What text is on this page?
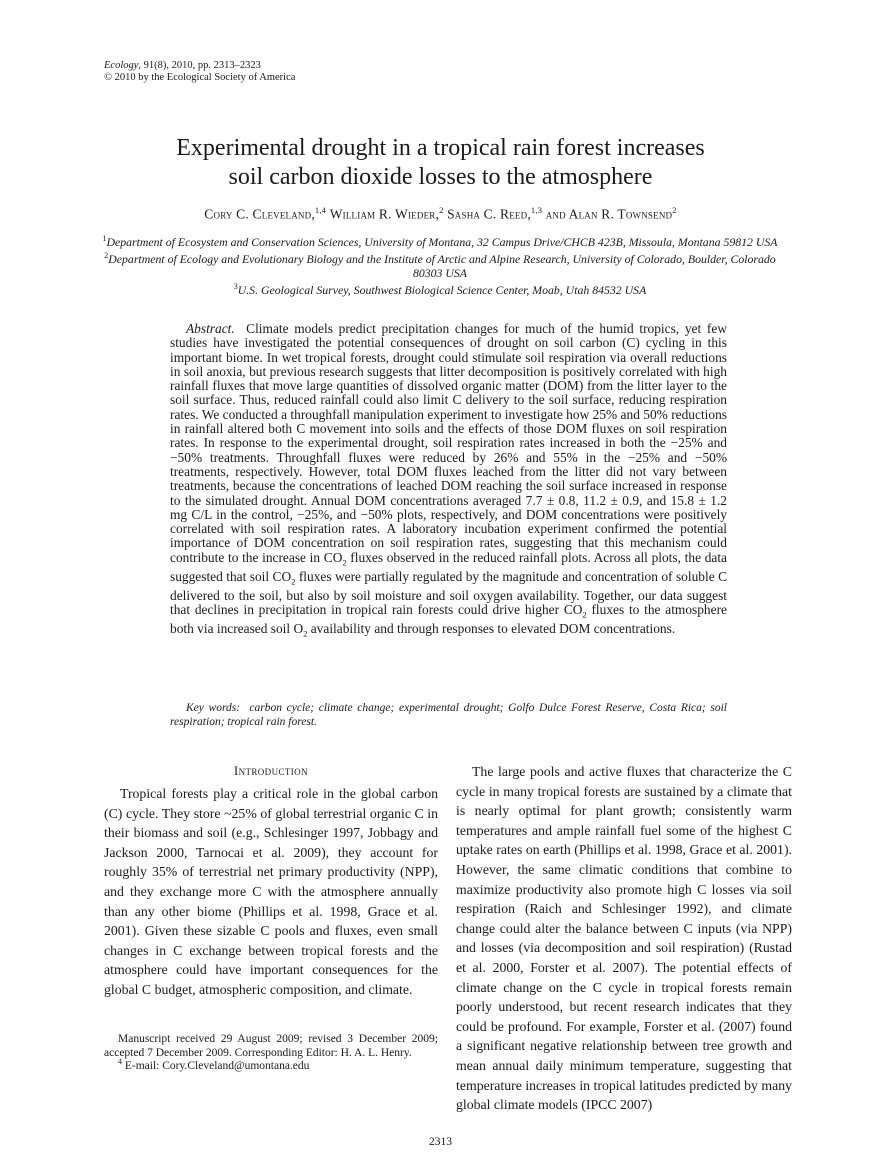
Ecology, 91(8), 2010, pp. 2313–2323
© 2010 by the Ecological Society of America
Experimental drought in a tropical rain forest increases
soil carbon dioxide losses to the atmosphere
Cory C. Cleveland,$^{1,4}$ William R. Wieder,$^2$ Sasha C. Reed,$^{1,3}$ and Alan R. Townsend$^2$

$^1$Department of Ecosystem and Conservation Sciences, University of Montana, 32 Campus Drive/CHCB 423B, Missoula, Montana 59812 USA

$^2$Department of Ecology and Evolutionary Biology and the Institute of Arctic and Alpine Research, University of Colorado, Boulder, Colorado 80303 USA

$^3$U.S. Geological Survey, Southwest Biological Science Center, Moab, Utah 84532 USA

Abstract. Climate models predict precipitation changes for much of the humid tropics, yet few studies have investigated the potential consequences of drought on soil carbon (C) cycling in this important biome. In wet tropical forests, drought could stimulate soil respiration via overall reductions in soil anoxia, but previous research suggests that litter decomposition is positively correlated with high rainfall fluxes that move large quantities of dissolved organic matter (DOM) from the litter layer to the soil surface. Thus, reduced rainfall could also limit C delivery to the soil surface, reducing respiration rates. We conducted a throughfall manipulation experiment to investigate how 25% and 50% reductions in rainfall altered both C movement into soils and the effects of those DOM fluxes on soil respiration rates. In response to the experimental drought, soil respiration rates increased in both the −25% and −50% treatments. Throughfall fluxes were reduced by 26% and 55% in the −25% and −50% treatments, respectively. However, total DOM fluxes leached from the litter did not vary between treatments, because the concentrations of leached DOM reaching the soil surface increased in response to the simulated drought. Annual DOM concentrations averaged 7.7 ± 0.8, 11.2 ± 0.9, and 15.8 ± 1.2 mg C/L in the control, −25%, and −50% plots, respectively, and DOM concentrations were positively correlated with soil respiration rates. A laboratory incubation experiment confirmed the potential importance of DOM concentration on soil respiration rates, suggesting that this mechanism could contribute to the increase in $CO_2$ fluxes observed in the reduced rainfall plots. Across all plots, the data suggested that soil $CO_2$ fluxes were partially regulated by the magnitude and concentration of soluble C delivered to the soil, but also by soil moisture and soil oxygen availability. Together, our data suggest that declines in precipitation in tropical rain forests could drive higher $CO_2$ fluxes to the atmosphere both via increased soil $O_2$ availability and through responses to elevated DOM concentrations.
Key words: carbon cycle; climate change; experimental drought; Golfo Dulce Forest Reserve, Costa Rica; soil respiration; tropical rain forest.
Introduction

Tropical forests play a critical role in the global carbon (C) cycle. They store ~25% of global terrestrial organic C in their biomass and soil (e.g., Schlesinger 1997, Jobbagy and Jackson 2000, Tarnocai et al. 2009), they account for roughly 35% of terrestrial net primary productivity (NPP), and they exchange more C with the atmosphere annually than any other biome (Phillips et al. 1998, Grace et al. 2001). Given these sizable C pools and fluxes, even small changes in C exchange between tropical forests and the atmosphere could have important consequences for the global C budget, atmospheric composition, and climate.

The large pools and active fluxes that characterize the C cycle in many tropical forests are sustained by a climate that is nearly optimal for plant growth; consistently warm temperatures and ample rainfall fuel some of the highest C uptake rates on earth (Phillips et al. 1998, Grace et al. 2001). However, the same climatic conditions that combine to maximize productivity also promote high C losses via soil respiration (Raich and Schlesinger 1992), and climate change could alter the balance between C inputs (via NPP) and losses (via decomposition and soil respiration) (Rustad et al. 2000, Forster et al. 2007). The potential effects of climate change on the C cycle in tropical forests remain poorly understood, but recent research indicates that they could be profound. For example, Forster et al. (2007) found a significant negative relationship between tree growth and mean annual daily minimum temperature, suggesting that temperature increases in tropical latitudes predicted by many global climate models (IPCC 2007)

Manuscript received 29 August 2009; revised 3 December 2009; accepted 7 December 2009. Corresponding Editor: H. A. L. Henry.

$^4$ E-mail: Cory.Cleveland@umontana.edu

2313
